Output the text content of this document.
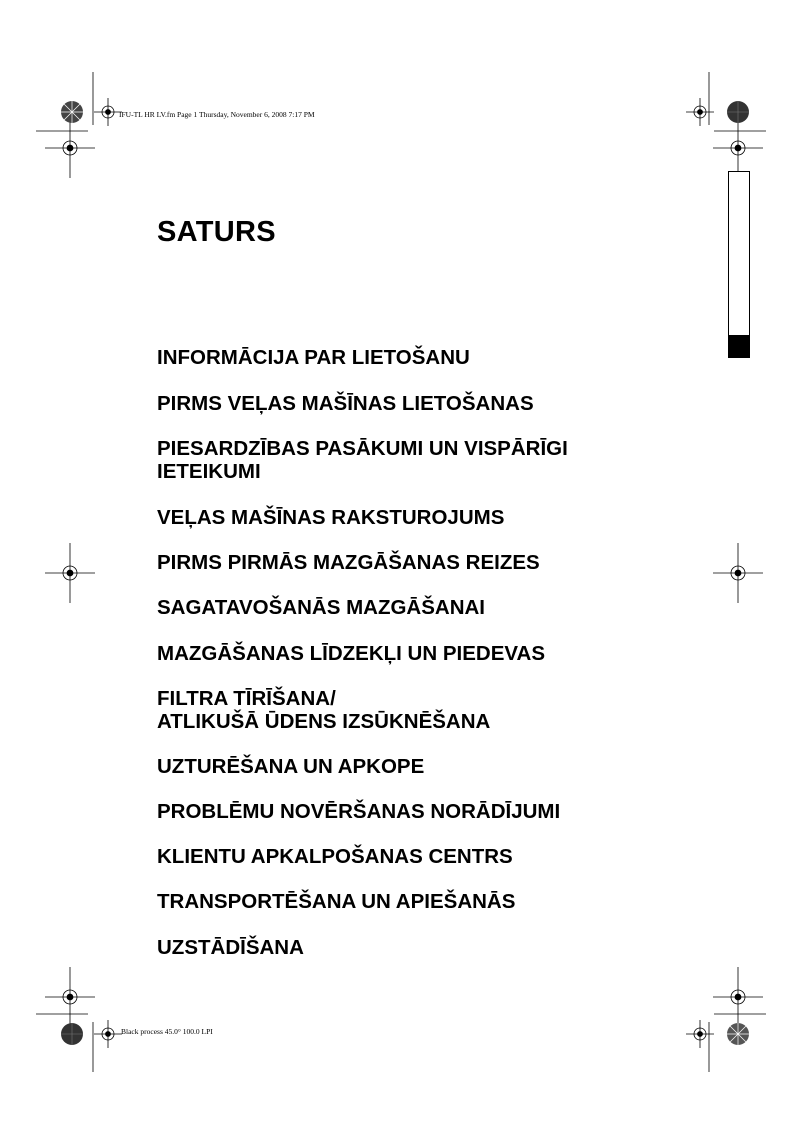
IFU-TL HR LV.fm Page 1 Thursday, November 6, 2008 7:17 PM
Black process 45.0° 100.0 LPI
SATURS
INFORMĀCIJA PAR LIETOŠANU
PIRMS VEĻAS MAŠĪNAS LIETOŠANAS
PIESARDZĪBAS PASĀKUMI UN VISPĀRĪGI
IETEIKUMI
VEĻAS MAŠĪNAS RAKSTUROJUMS
PIRMS PIRMĀS MAZGĀŠANAS REIZES
SAGATAVOŠANĀS MAZGĀŠANAI
MAZGĀŠANAS LĪDZEKĻI UN PIEDEVAS
FILTRA TĪRĪŠANA/
ATLIKUŠĀ ŪDENS IZSŪKNĒŠANA
UZTURĒŠANA UN APKOPE
PROBLĒMU NOVĒRŠANAS NORĀDĪJUMI
KLIENTU APKALPOŠANAS CENTRS
TRANSPORTĒŠANA UN APIEŠANĀS
UZSTĀDĪŠANA
